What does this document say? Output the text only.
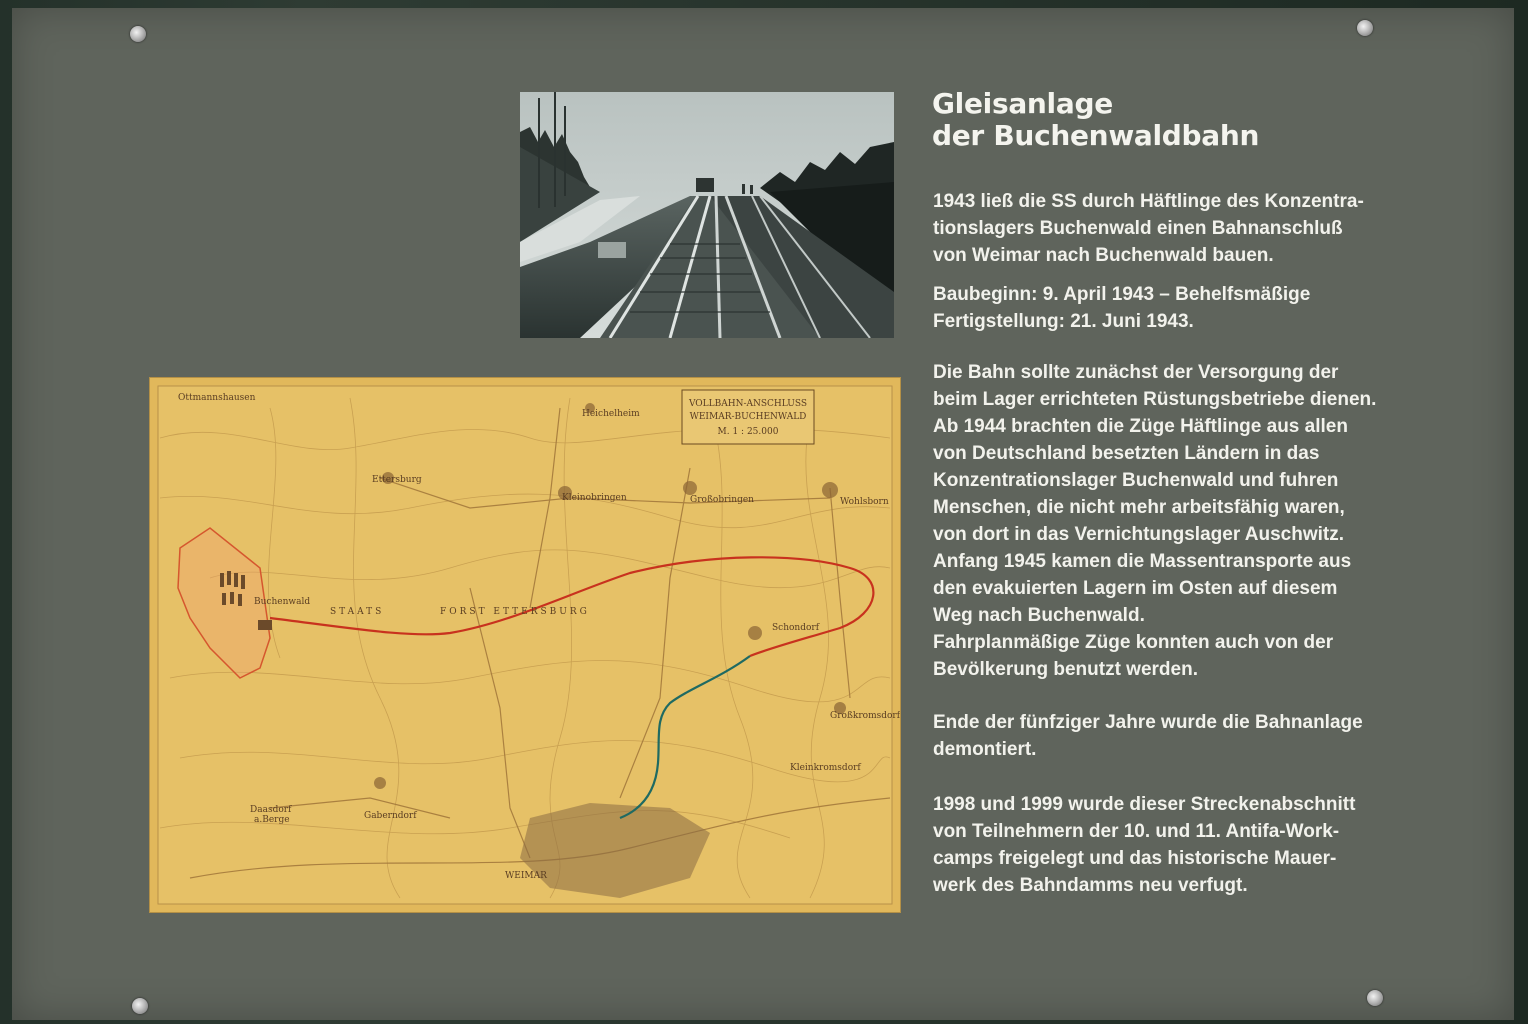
VOLLBAHN-ANSCHLUSS
WEIMAR-BUCHENWALD
M. 1 : 25.000
Ottmannshausen
Heichelheim
Ettersburg
Kleinobringen	Großobringen	Wohlsborn
Buchenwald
STAATS	FORST ETTERSBURG
Schondorf
Großkromsdorf
Kleinkromsdorf
Daasdorf
a.Berge	Gaberndorf
WEIMAR
Gleisanlage
der Buchenwaldbahn

1943 ließ die SS durch Häftlinge des Konzentra-
tionslagers Buchenwald einen Bahnanschluß
von Weimar nach Buchenwald bauen.

Baubeginn: 9. April 1943 – Behelfsmäßige
Fertigstellung: 21. Juni 1943.

Die Bahn sollte zunächst der Versorgung der
beim Lager errichteten Rüstungsbetriebe dienen.
Ab 1944 brachten die Züge Häftlinge aus allen
von Deutschland besetzten Ländern in das
Konzentrationslager Buchenwald und fuhren
Menschen, die nicht mehr arbeitsfähig waren,
von dort in das Vernichtungslager Auschwitz.
Anfang 1945 kamen die Massentransporte aus
den evakuierten Lagern im Osten auf diesem
Weg nach Buchenwald.
Fahrplanmäßige Züge konnten auch von der
Bevölkerung benutzt werden.

Ende der fünfziger Jahre wurde die Bahnanlage
demontiert.

1998 und 1999 wurde dieser Streckenabschnitt
von Teilnehmern der 10. und 11. Antifa-Work-
camps freigelegt und das historische Mauer-
werk des Bahndamms neu verfugt.
